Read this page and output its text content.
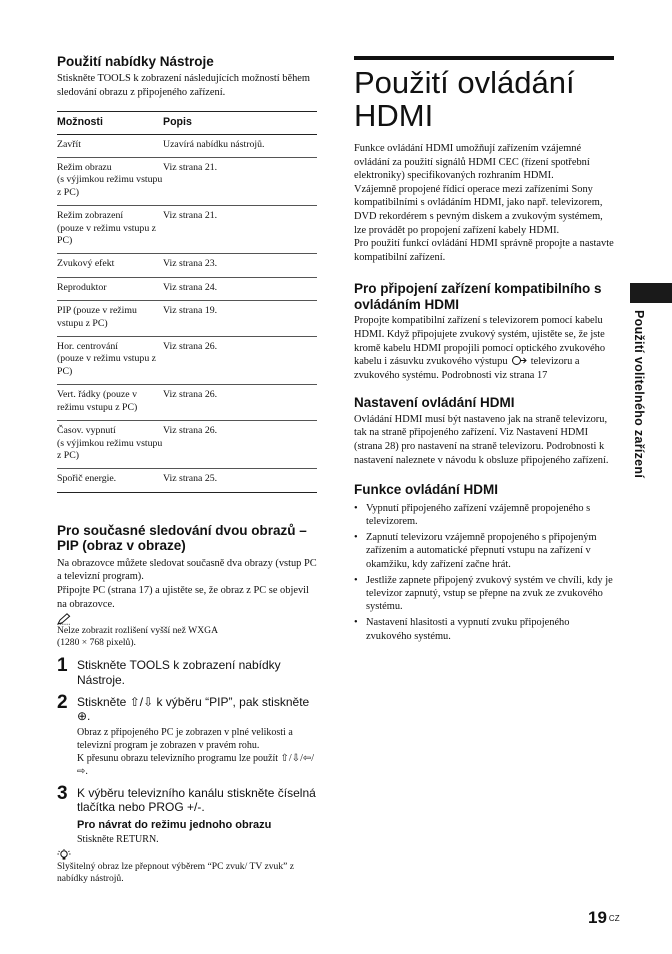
Použití nabídky Nástroje

Stiskněte TOOLS k zobrazení následujících možností během sledování obrazu z připojeného zařízení.

Možnosti	Popis
Zavřít	Uzavírá nabídku nástrojů.
Režim obrazu
(s výjimkou režimu vstupu z PC)	Viz strana 21.
Režim zobrazení
(pouze v režimu vstupu z PC)	Viz strana 21.
Zvukový efekt	Viz strana 23.
Reproduktor	Viz strana 24.
PIP (pouze v režimu vstupu z PC)	Viz strana 19.
Hor. centrování
(pouze v režimu vstupu z PC)	Viz strana 26.
Vert. řádky (pouze v režimu vstupu z PC)	Viz strana 26.
Časov. vypnutí
(s výjimkou režimu vstupu z PC)	Viz strana 26.
Spořič energie.	Viz strana 25.
Pro současné sledování dvou obrazů – PIP (obraz v obraze)

Na obrazovce můžete sledovat současně dva obrazy (vstup PC a televizní program).
Připojte PC (strana 17) a ujistěte se, že obraz z PC se objevil na obrazovce.

Nelze zobrazit rozlišení vyšší než WXGA
(1280 × 768 pixelů).

1 Stiskněte TOOLS k zobrazení nabídky Nástroje.

2 Stiskněte ⇧/⇩ k výběru “PIP”, pak stiskněte ⊕.

Obraz z připojeného PC je zobrazen v plné velikosti a televizní program je zobrazen v pravém rohu.
K přesunu obrazu televizního programu lze použít ⇧/⇩/⇦/⇨.

3 K výběru televizního kanálu stiskněte číselná tlačítka nebo PROG +/-.

Pro návrat do režimu jednoho obrazu

Stiskněte RETURN.

Slyšitelný obraz lze přepnout výběrem “PC zvuk/ TV zvuk” z nabídky nástrojů.

Použití ovládání HDMI

Funkce ovládání HDMI umožňují zařízením vzájemné ovládání za použití signálů HDMI CEC (řízení spotřební elektroniky) specifikovaných rozhraním HDMI.
Vzájemně propojené řídicí operace mezi zařízeními Sony kompatibilními s ovládáním HDMI, jako např. televizorem, DVD rekordérem s pevným diskem a zvukovým systémem, lze provádět po propojení zařízení kabely HDMI.
Pro použití funkcí ovládání HDMI správně propojte a nastavte kompatibilní zařízení.

Pro připojení zařízení kompatibilního s ovládáním HDMI

Propojte kompatibilní zařízení s televizorem pomocí kabelu HDMI. Když připojujete zvukový systém, ujistěte se, že jste kromě kabelu HDMI propojili pomocí optického zvukového kabelu i zásuvku zvukového výstupu televizoru a zvukového systému. Podrobnosti viz strana 17

Nastavení ovládání HDMI

Ovládání HDMI musí být nastaveno jak na straně televizoru, tak na straně připojeného zařízení. Viz Nastavení HDMI (strana 28) pro nastavení na straně televizoru. Podrobnosti k nastavení naleznete v návodu k obsluze připojeného zařízení.

Funkce ovládání HDMI
• Vypnutí připojeného zařízení vzájemně propojeného s televizorem.
• Zapnutí televizoru vzájemně propojeného s připojeným zařízením a automatické přepnutí vstupu na zařízení v okamžiku, kdy zařízení začne hrát.
• Jestliže zapnete připojený zvukový systém ve chvíli, kdy je televizor zapnutý, vstup se přepne na zvuk ze zvukového systému.
• Nastavení hlasitosti a vypnutí zvuku připojeného zvukového systému.
Použití volitelného zařízení
19 CZ
